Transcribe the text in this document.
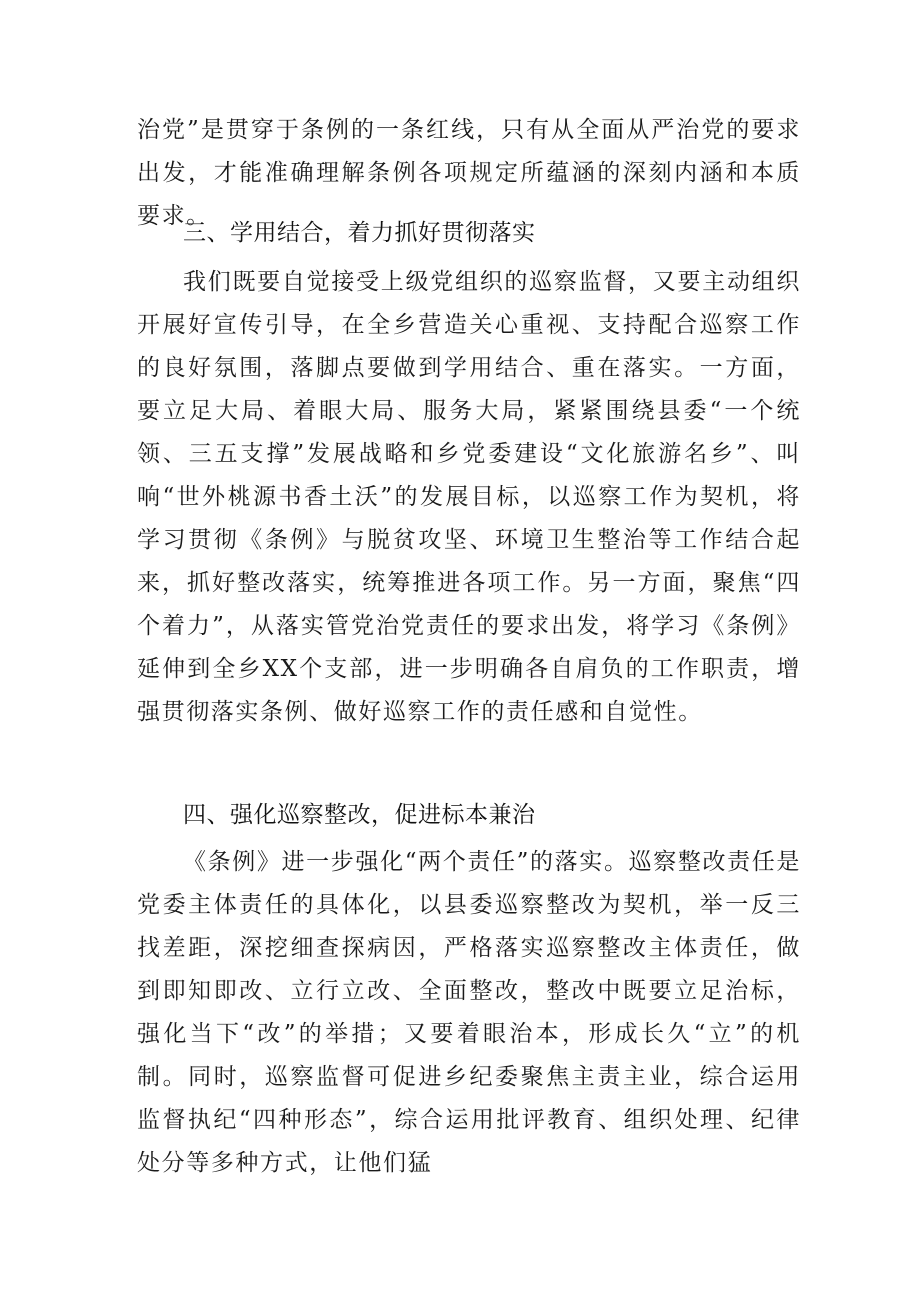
治党”是贯穿于条例的一条红线，只有从全面从严治党的要求出发，才能准确理解条例各项规定所蕴涵的深刻内涵和本质要求。

三、学用结合，着力抓好贯彻落实

我们既要自觉接受上级党组织的巡察监督，又要主动组织开展好宣传引导，在全乡营造关心重视、支持配合巡察工作的良好氛围，落脚点要做到学用结合、重在落实。一方面，要立足大局、着眼大局、服务大局，紧紧围绕县委“一个统领、三五支撑”发展战略和乡党委建设“文化旅游名乡”、叫响“世外桃源书香土沃”的发展目标，以巡察工作为契机，将学习贯彻《条例》与脱贫攻坚、环境卫生整治等工作结合起来，抓好整改落实，统筹推进各项工作。另一方面，聚焦“四个着力”，从落实管党治党责任的要求出发，将学习《条例》延伸到全乡XX个支部，进一步明确各自肩负的工作职责，增强贯彻落实条例、做好巡察工作的责任感和自觉性。

四、强化巡察整改，促进标本兼治

《条例》进一步强化“两个责任”的落实。巡察整改责任是党委主体责任的具体化，以县委巡察整改为契机，举一反三找差距，深挖细查探病因，严格落实巡察整改主体责任，做到即知即改、立行立改、全面整改，整改中既要立足治标，强化当下“改”的举措；又要着眼治本，形成长久“立”的机制。同时，巡察监督可促进乡纪委聚焦主责主业，综合运用监督执纪“四种形态”，综合运用批评教育、组织处理、纪律处分等多种方式，让他们猛
